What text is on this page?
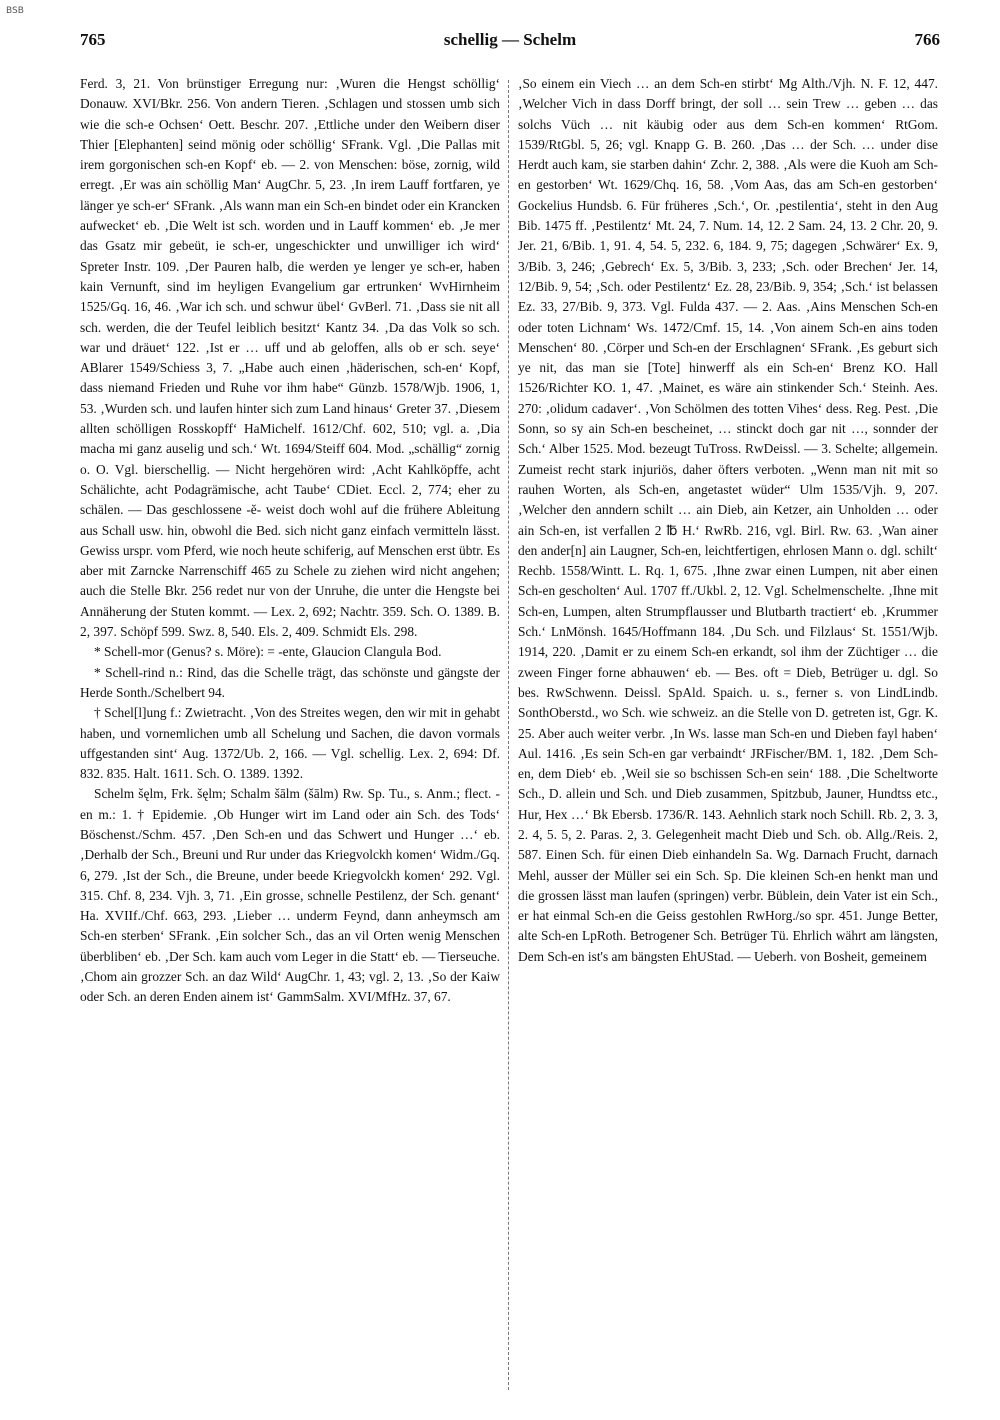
BSB
765	schellig — Schelm	766

Ferd. 3, 21. Von brünstiger Erregung nur: ‚Wuren die Hengst schöllig‘ Donauw. XVI/Bkr. 256. Von andern Tieren. ‚Schlagen und stossen umb sich wie die sch-e Ochsen‘ Oett. Beschr. 207. ‚Ettliche under den Weibern diser Thier [Elephanten] seind mönig oder schöllig‘ SFrank. Vgl. ‚Die Pallas mit irem gorgonischen sch-en Kopf‘ eb. — 2. von Menschen: böse, zornig, wild erregt. ‚Er was ain schöllig Man‘ AugChr. 5, 23. ‚In irem Lauff fortfaren, ye länger ye sch-er‘ SFrank. ‚Als wann man ein Sch-en bindet oder ein Krancken aufwecket‘ eb. ‚Die Welt ist sch. worden und in Lauff kommen‘ eb. ‚Je mer das Gsatz mir gebeüt, ie sch-er, ungeschickter und unwilliger ich wird‘ Spreter Instr. 109. ‚Der Pauren halb, die werden ye lenger ye sch-er, haben kain Vernunft, sind im heyligen Evangelium gar ertrunken‘ WvHirnheim 1525/Gq. 16, 46. ‚War ich sch. und schwur übel‘ GvBerl. 71. ‚Dass sie nit all sch. werden, die der Teufel leiblich besitzt‘ Kantz 34. ‚Da das Volk so sch. war und dräuet‘ 122. ‚Ist er … uff und ab geloffen, alls ob er sch. seye‘ ABlarer 1549/Schiess 3, 7. „Habe auch einen ‚häderischen, sch-en‘ Kopf, dass niemand Frieden und Ruhe vor ihm habe“ Günzb. 1578/Wjb. 1906, 1, 53. ‚Wurden sch. und laufen hinter sich zum Land hinaus‘ Greter 37. ‚Diesem allten schölligen Rosskopff‘ HaMichelf. 1612/Chf. 602, 510; vgl. a. ‚Dia macha mi ganz auselig und sch.‘ Wt. 1694/Steiff 604. Mod. „schällig“ zornig o. O. Vgl. bierschellig. — Nicht hergehören wird: ‚Acht Kahlköpffe, acht Schälichte, acht Podagrämische, acht Taube‘ CDiet. Eccl. 2, 774; eher zu schälen. — Das geschlossene -ĕ- weist doch wohl auf die frühere Ableitung aus Schall usw. hin, obwohl die Bed. sich nicht ganz einfach vermitteln lässt. Gewiss urspr. vom Pferd, wie noch heute schiferig, auf Menschen erst übtr. Es aber mit Zarncke Narrenschiff 465 zu Schele zu ziehen wird nicht angehen; auch die Stelle Bkr. 256 redet nur von der Unruhe, die unter die Hengste bei Annäherung der Stuten kommt. — Lex. 2, 692; Nachtr. 359. Sch. O. 1389. B. 2, 397. Schöpf 599. Swz. 8, 540. Els. 2, 409. Schmidt Els. 298.

* Schell-mor (Genus? s. Möre): = -ente, Glaucion Clangula Bod.

* Schell-rind n.: Rind, das die Schelle trägt, das schönste und gängste der Herde Sonth./Schelbert 94.

† Schel[l]ung f.: Zwietracht. ‚Von des Streites wegen, den wir mit in gehabt haben, und vornemlichen umb all Schelung und Sachen, die davon vormals uffgestanden sint‘ Aug. 1372/Ub. 2, 166. — Vgl. schellig. Lex. 2, 694: Df. 832. 835. Halt. 1611. Sch. O. 1389. 1392.

Schelm šęlm, Frk. šęlm; Schalm šālm (šālm) Rw. Sp. Tu., s. Anm.; flect. -en m.: 1. † Epidemie. ‚Ob Hunger wirt im Land oder ain Sch. des Tods‘ Böschenst./Schm. 457. ‚Den Sch-en und das Schwert und Hunger …‘ eb. ‚Derhalb der Sch., Breuni und Rur under das Kriegvolckh komen‘ Widm./Gq. 6, 279. ‚Ist der Sch., die Breune, under beede Kriegvolckh komen‘ 292. Vgl. 315. Chf. 8, 234. Vjh. 3, 71. ‚Ein grosse, schnelle Pestilenz, der Sch. genant‘ Ha. XVIIf./Chf. 663, 293. ‚Lieber … underm Feynd, dann anheymsch am Sch-en sterben‘ SFrank. ‚Ein solcher Sch., das an vil Orten wenig Menschen überbliben‘ eb. ‚Der Sch. kam auch vom Leger in die Statt‘ eb. — Tierseuche. ‚Chom ain grozzer Sch. an daz Wild‘ AugChr. 1, 43; vgl. 2, 13. ‚So der Kaiw oder Sch. an deren Enden ainem ist‘ GammSalm. XVI/MfHz. 37, 67.

‚So einem ein Viech … an dem Sch-en stirbt‘ Mg Alth./Vjh. N. F. 12, 447. ‚Welcher Vich in dass Dorff bringt, der soll … sein Trew … geben … das solchs Vüch … nit käubig oder aus dem Sch-en kommen‘ RtGom. 1539/RtGbl. 5, 26; vgl. Knapp G. B. 260. ‚Das … der Sch. … under dise Herdt auch kam, sie starben dahin‘ Zchr. 2, 388. ‚Als were die Kuoh am Sch-en gestorben‘ Wt. 1629/Chq. 16, 58. ‚Vom Aas, das am Sch-en gestorben‘ Gockelius Hundsb. 6. Für früheres ‚Sch.‘, Or. ‚pestilentia‘, steht in den Aug Bib. 1475 ff. ‚Pestilentz‘ Mt. 24, 7. Num. 14, 12. 2 Sam. 24, 13. 2 Chr. 20, 9. Jer. 21, 6/Bib. 1, 91. 4, 54. 5, 232. 6, 184. 9, 75; dagegen ‚Schwärer‘ Ex. 9, 3/Bib. 3, 246; ‚Gebrech‘ Ex. 5, 3/Bib. 3, 233; ‚Sch. oder Brechen‘ Jer. 14, 12/Bib. 9, 54; ‚Sch. oder Pestilentz‘ Ez. 28, 23/Bib. 9, 354; ‚Sch.‘ ist belassen Ez. 33, 27/Bib. 9, 373. Vgl. Fulda 437. — 2. Aas. ‚Ains Menschen Sch-en oder toten Lichnam‘ Ws. 1472/Cmf. 15, 14. ‚Von ainem Sch-en ains toden Menschen‘ 80. ‚Cörper und Sch-en der Erschlagnen‘ SFrank. ‚Es geburt sich ye nit, das man sie [Tote] hinwerff als ein Sch-en‘ Brenz KO. Hall 1526/Richter KO. 1, 47. ‚Mainet, es wäre ain stinkender Sch.‘ Steinh. Aes. 270: ‚olidum cadaver‘. ‚Von Schölmen des totten Vihes‘ dess. Reg. Pest. ‚Die Sonn, so sy ain Sch-en bescheinet, … stinckt doch gar nit …, sonnder der Sch.‘ Alber 1525. Mod. bezeugt TuTross. RwDeissl. — 3. Schelte; allgemein. Zumeist recht stark injuriös, daher öfters verboten. „Wenn man nit mit so rauhen Worten, als Sch-en, angetastet wüder“ Ulm 1535/Vjh. 9, 207. ‚Welcher den anndern schilt … ain Dieb, ain Ketzer, ain Unholden … oder ain Sch-en, ist verfallen 2 ℔ H.‘ RwRb. 216, vgl. Birl. Rw. 63. ‚Wan ainer den ander[n] ain Laugner, Sch-en, leichtfertigen, ehrlosen Mann o. dgl. schilt‘ Rechb. 1558/Wintt. L. Rq. 1, 675. ‚Ihne zwar einen Lumpen, nit aber einen Sch-en gescholten‘ Aul. 1707 ff./Ukbl. 2, 12. Vgl. Schelmenschelte. ‚Ihne mit Sch-en, Lumpen, alten Strumpflausser und Blutbarth tractiert‘ eb. ‚Krummer Sch.‘ LnMönsh. 1645/Hoffmann 184. ‚Du Sch. und Filzlaus‘ St. 1551/Wjb. 1914, 220. ‚Damit er zu einem Sch-en erkandt, sol ihm der Züchtiger … die zween Finger forne abhauwen‘ eb. — Bes. oft = Dieb, Betrüger u. dgl. So bes. RwSchwenn. Deissl. SpAld. Spaich. u. s., ferner s. von LindLindb. SonthOberstd., wo Sch. wie schweiz. an die Stelle von D. getreten ist, Ggr. K. 25. Aber auch weiter verbr. ‚In Ws. lasse man Sch-en und Dieben fayl haben‘ Aul. 1416. ‚Es sein Sch-en gar verbaindt‘ JRFischer/BM. 1, 182. ‚Dem Sch-en, dem Dieb‘ eb. ‚Weil sie so bschissen Sch-en sein‘ 188. ‚Die Scheltworte Sch., D. allein und Sch. und Dieb zusammen, Spitzbub, Jauner, Hundtss etc., Hur, Hex …‘ Bk Ebersb. 1736/R. 143. Aehnlich stark noch Schill. Rb. 2, 3. 3, 2. 4, 5. 5, 2. Paras. 2, 3. Gelegenheit macht Dieb und Sch. ob. Allg./Reis. 2, 587. Einen Sch. für einen Dieb einhandeln Sa. Wg. Darnach Frucht, darnach Mehl, ausser der Müller sei ein Sch. Sp. Die kleinen Sch-en henkt man und die grossen lässt man laufen (springen) verbr. Büblein, dein Vater ist ein Sch., er hat einmal Sch-en die Geiss gestohlen RwHorg./so spr. 451. Junge Better, alte Sch-en LpRoth. Betrogener Sch. Betrüger Tü. Ehrlich währt am längsten, Dem Sch-en ist's am bängsten EhUStad. — Ueberh. von Bosheit, gemeinem
